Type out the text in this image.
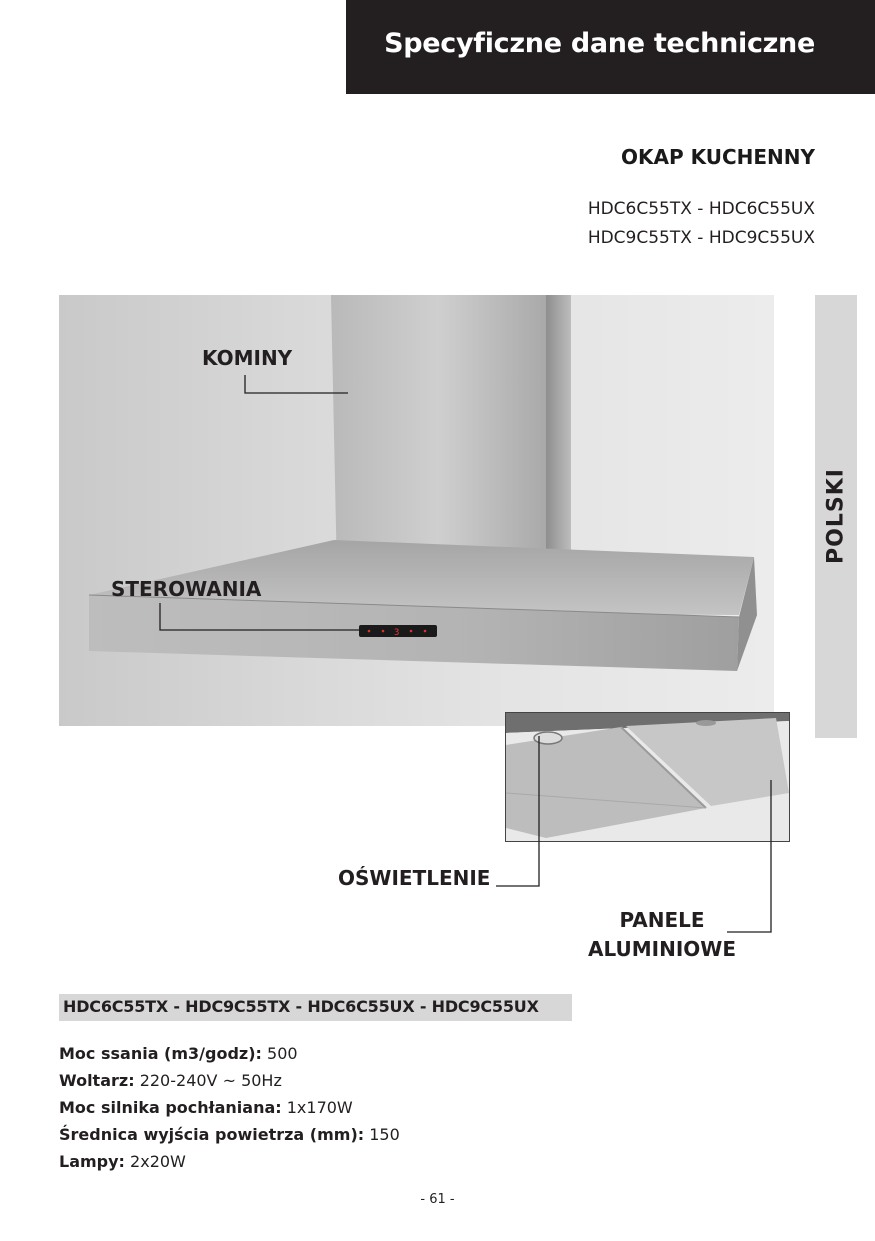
Specyficzne dane techniczne
OKAP KUCHENNY
HDC6C55TX - HDC6C55UX
HDC9C55TX - HDC9C55UX
POLSKI
3
KOMINY
STEROWANIA
OŚWIETLENIE
PANELE
ALUMINIOWE
HDC6C55TX - HDC9C55TX - HDC6C55UX - HDC9C55UX
Moc ssania (m3/godz): 500
Woltarz: 220-240V ~ 50Hz
Moc silnika pochłaniana: 1x170W
Średnica wyjścia powietrza (mm): 150
Lampy: 2x20W
- 61 -
